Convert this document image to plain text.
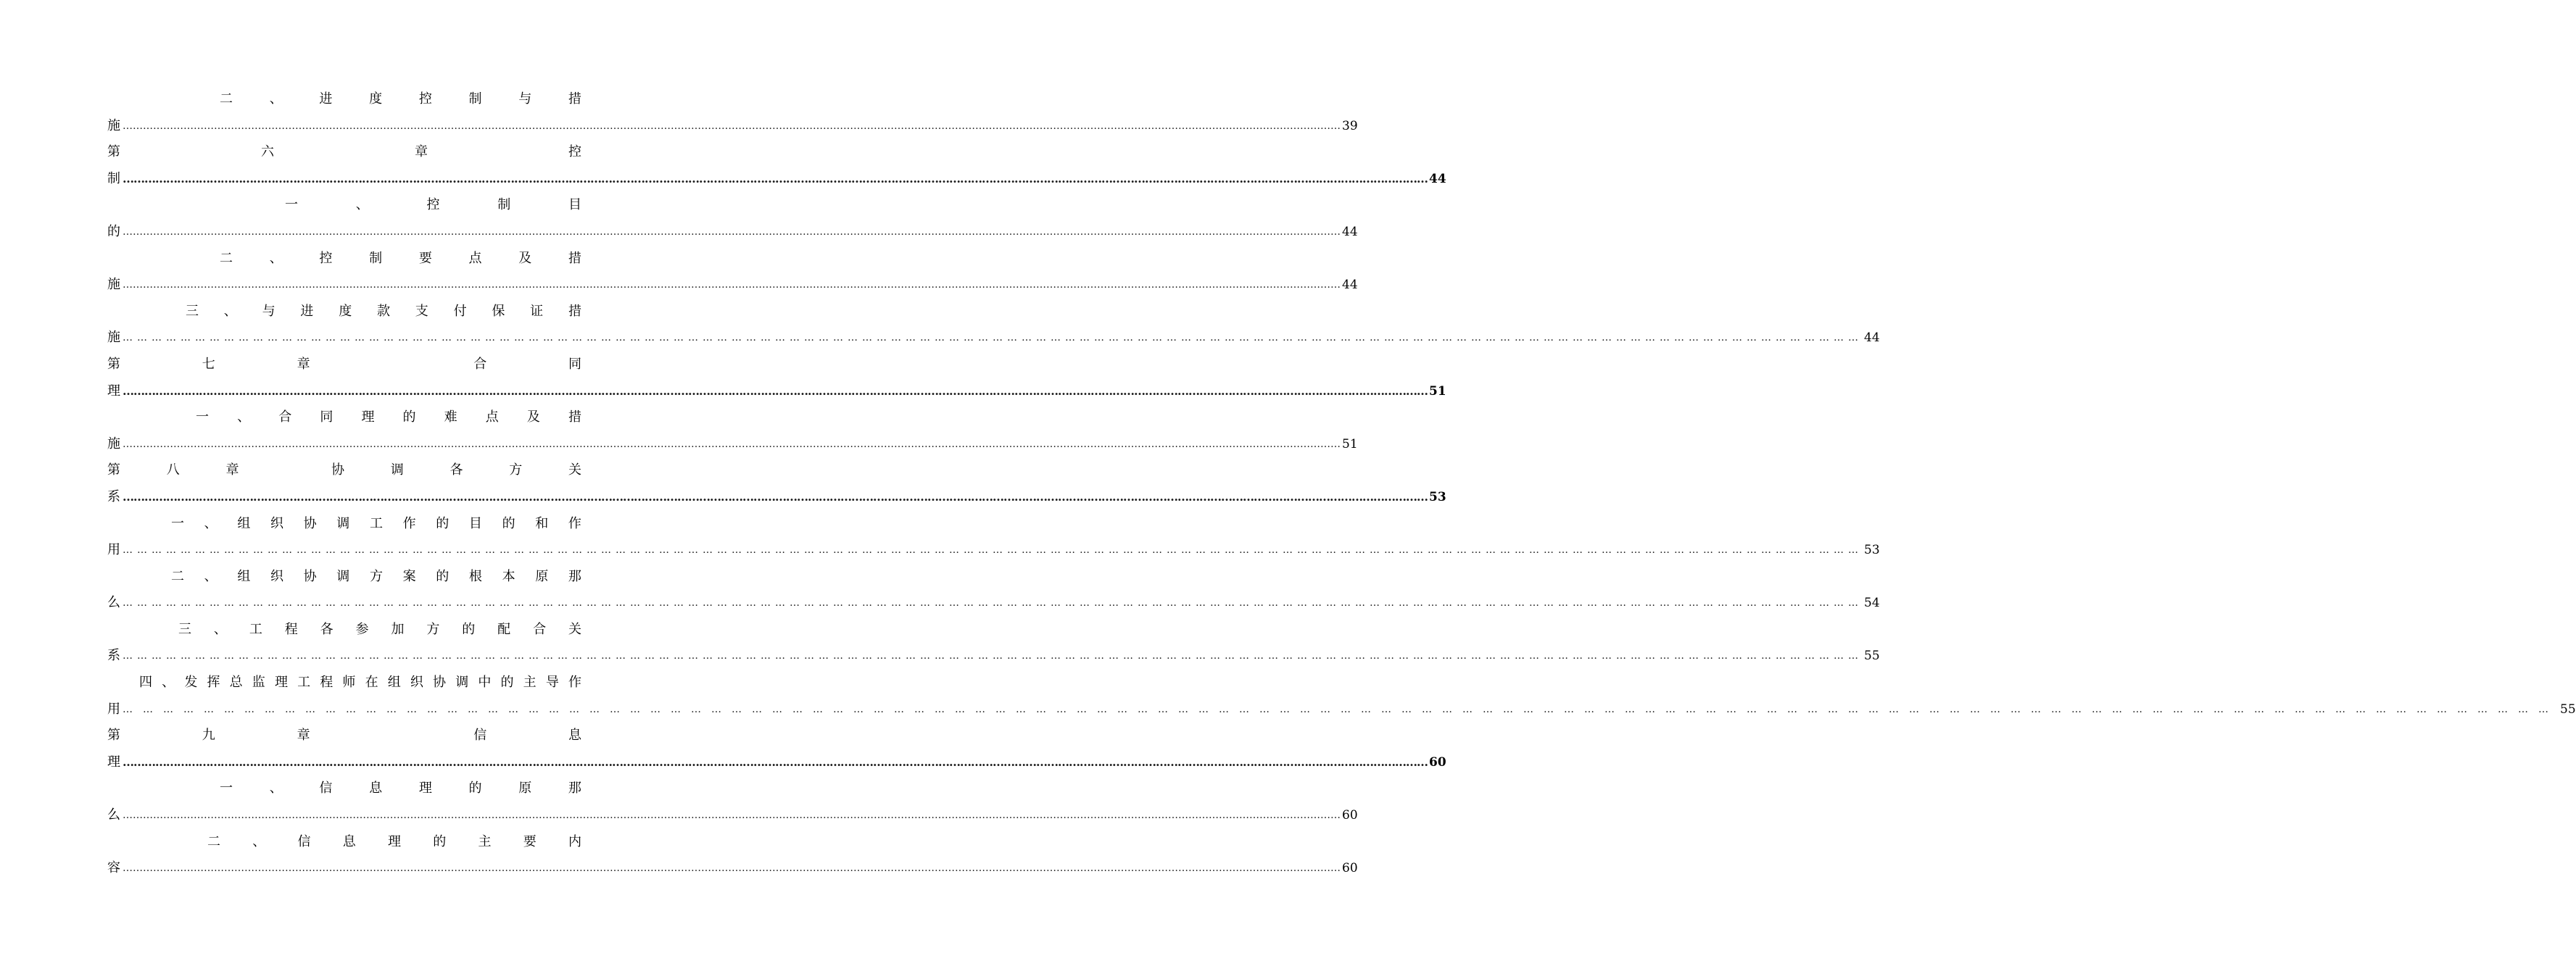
二	、	进	度	控	制	与	措
施 ……………………………………………………………………………………………………………………………………………………………………………………………………………………………………………………………………………………………………………………………… 39
第	六	章	控
制 ……………………………………………………………………………………………………………………………………………………………………………………………………………………………………………………………………………………………………………………………… 44
一	、	控	制	目
的 ……………………………………………………………………………………………………………………………………………………………………………………………………………………………………………………………………………………………………………………………… 44
二	、	控	制	要	点	及	措
施 ……………………………………………………………………………………………………………………………………………………………………………………………………………………………………………………………………………………………………………………………… 44
三 、 与 进 度 款 支 付 保 证 措
施 ……………………………………………………………………………………………………………………………………………………………………………………………………………………………………………………………………………………………………………………………… 44
第	七	章	合	同
理 ……………………………………………………………………………………………………………………………………………………………………………………………………………………………………………………………………………………………………………………………… 51
一 、 合 同 理 的 难 点 及 措
施 ……………………………………………………………………………………………………………………………………………………………………………………………………………………………………………………………………………………………………………………………… 51
第	八	章	协	调	各	方	关
系 ……………………………………………………………………………………………………………………………………………………………………………………………………………………………………………………………………………………………………………………………… 53
一 、 组 织 协 调 工 作 的 目 的 和 作
用 ……………………………………………………………………………………………………………………………………………………………………………………………………………………………………………………………………………………………………………………………… 53
二 、 组 织 协 调 方 案 的 根 本 原 那
么 ……………………………………………………………………………………………………………………………………………………………………………………………………………………………………………………………………………………………………………………………… 54
三 、 工 程 各 参 加 方 的 配 合 关
系 ……………………………………………………………………………………………………………………………………………………………………………………………………………………………………………………………………………………………………………………………… 55
四 、 发 挥 总 监 理 工 程 师 在 组 织 协 调 中 的 主 导 作
用 ……………………………………………………………………………………………………………………………………………………………………………………………………………………………………………………………………………………………………………………………… 55
第	九	章	信	息
理 ……………………………………………………………………………………………………………………………………………………………………………………………………………………………………………………………………………………………………………………………… 60
一	、	信	息	理	的	原	那
么 ……………………………………………………………………………………………………………………………………………………………………………………………………………………………………………………………………………………………………………………………… 60
二 、 信 息 理 的 主 要 内
容 ……………………………………………………………………………………………………………………………………………………………………………………………………………………………………………………………………………………………………………………………… 60
